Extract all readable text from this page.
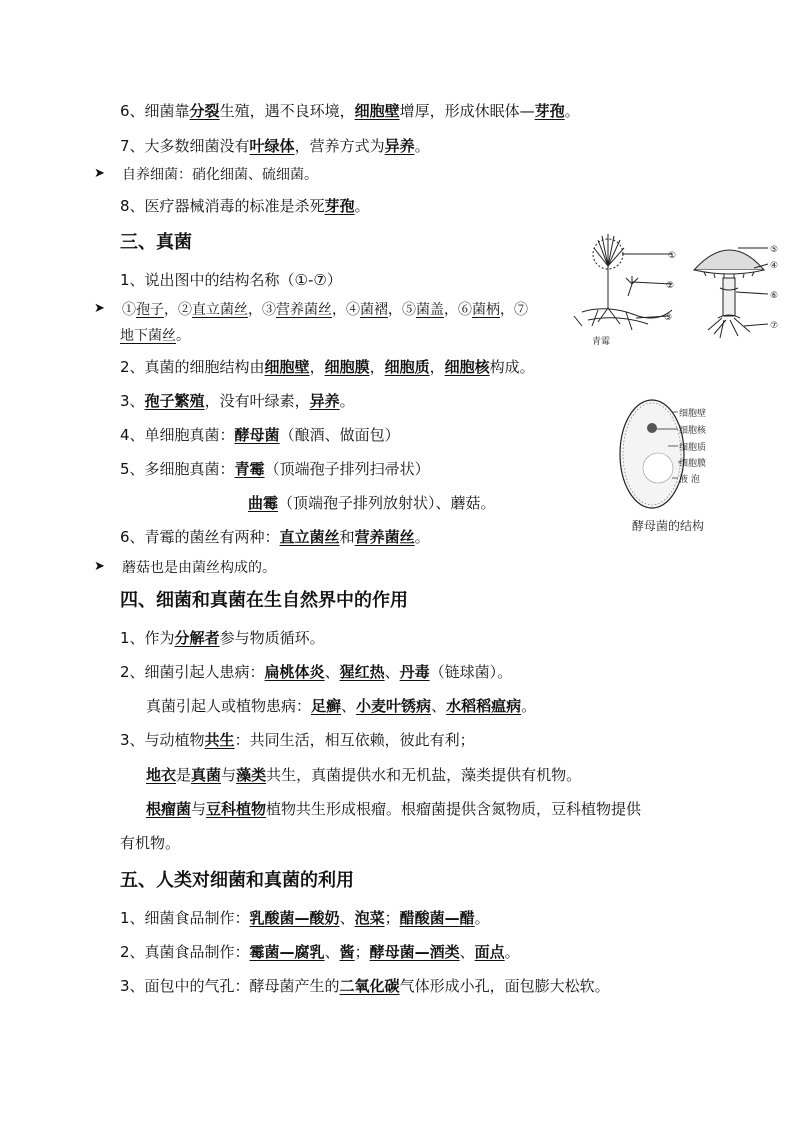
6、细菌靠分裂生殖，遇不良环境，细胞壁增厚，形成休眠体—芽孢。
7、大多数细菌没有叶绿体，营养方式为异养。
➤ 自养细菌：硝化细菌、硫细菌。
8、医疗器械消毒的标准是杀死芽孢。
三、真菌
1、说出图中的结构名称（①-⑦）
➤ ①孢子，②直立菌丝，③营养菌丝，④菌褶，⑤菌盖，⑥菌柄，⑦
地下菌丝。
2、真菌的细胞结构由细胞壁，细胞膜，细胞质，细胞核构成。
3、孢子繁殖，没有叶绿素，异养。
4、单细胞真菌：酵母菌（酿酒、做面包）
5、多细胞真菌：青霉（顶端孢子排列扫帚状）
曲霉（顶端孢子排列放射状）、蘑菇。
6、青霉的菌丝有两种：直立菌丝和营养菌丝。
➤ 蘑菇也是由菌丝构成的。
①
②
③
青霉
⑤
④
⑥
⑦
细胞壁
细胞核
细胞质
细胞膜
液 泡
酵母菌的结构
四、细菌和真菌在生自然界中的作用
1、作为分解者参与物质循环。
2、细菌引起人患病：扁桃体炎、猩红热、丹毒（链球菌）。
真菌引起人或植物患病：足癣、小麦叶锈病、水稻稻瘟病。
3、与动植物共生：共同生活，相互依赖，彼此有利；
地衣是真菌与藻类共生，真菌提供水和无机盐，藻类提供有机物。
根瘤菌与豆科植物植物共生形成根瘤。根瘤菌提供含氮物质，豆科植物提供
有机物。
五、人类对细菌和真菌的利用
1、细菌食品制作：乳酸菌—酸奶、泡菜；醋酸菌—醋。
2、真菌食品制作：霉菌—腐乳、酱；酵母菌—酒类、面点。
3、面包中的气孔：酵母菌产生的二氧化碳气体形成小孔，面包膨大松软。
